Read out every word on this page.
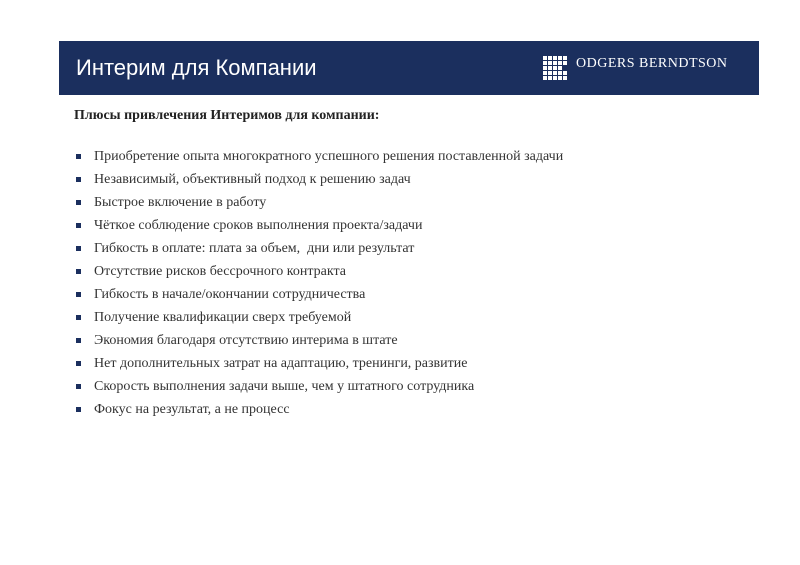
Интерим для Компании	ODGERS BERNDTSON
Плюсы привлечения Интеримов для компании:
Приобретение опыта многократного успешного решения поставленной задачи
Независимый, объективный подход к решению задач
Быстрое включение в работу
Чёткое соблюдение сроков выполнения проекта/задачи
Гибкость в оплате: плата за объем,  дни или результат
Отсутствие рисков бессрочного контракта
Гибкость в начале/окончании сотрудничества
Получение квалификации сверх требуемой
Экономия благодаря отсутствию интерима в штате
Нет дополнительных затрат на адаптацию, тренинги, развитие
Скорость выполнения задачи выше, чем у штатного сотрудника
Фокус на результат, а не процесс
